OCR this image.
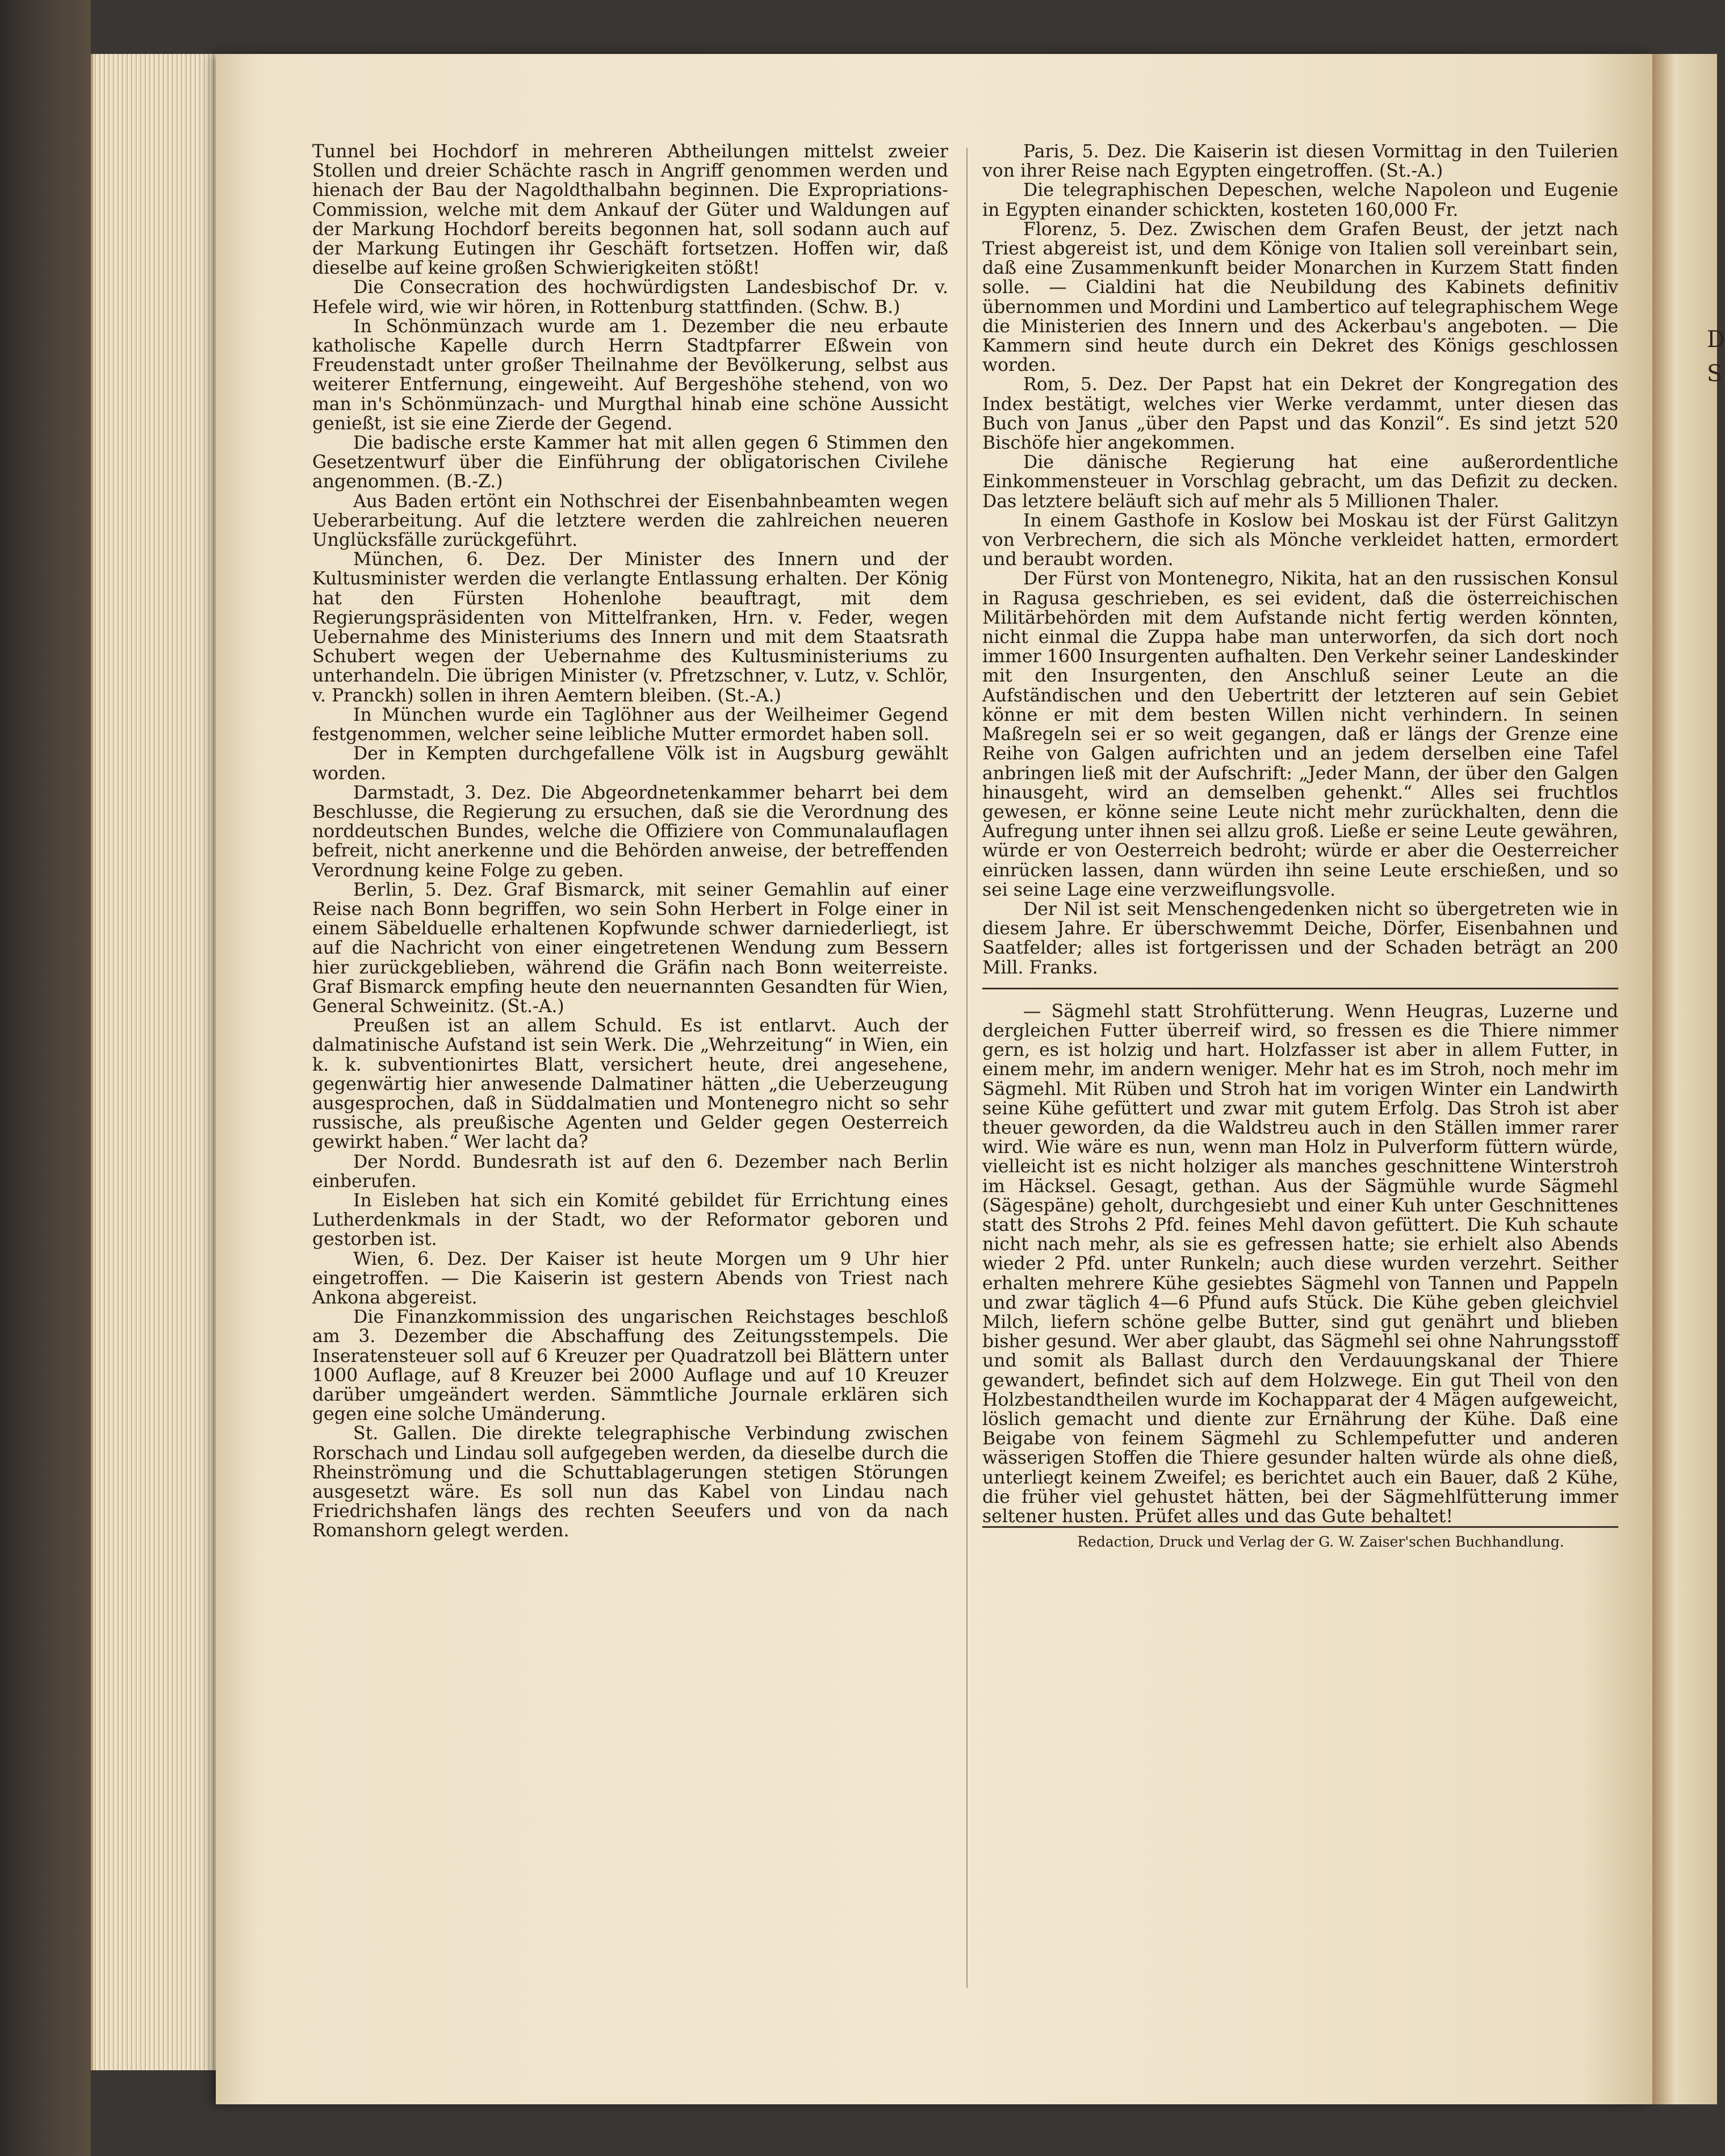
D
S

Tunnel bei Hochdorf in mehreren Abtheilungen mittelst zweier Stollen und dreier Schächte rasch in Angriff genommen werden und hienach der Bau der Nagoldthalbahn beginnen. Die Expropriations-Commission, welche mit dem Ankauf der Güter und Waldungen auf der Markung Hochdorf bereits begonnen hat, soll sodann auch auf der Markung Eutingen ihr Geschäft fortsetzen. Hoffen wir, daß dieselbe auf keine großen Schwierigkeiten stößt!

Die Consecration des hochwürdigsten Landesbischof Dr. v. Hefele wird, wie wir hören, in Rottenburg stattfinden. (Schw. B.)

In Schönmünzach wurde am 1. Dezember die neu erbaute katholische Kapelle durch Herrn Stadtpfarrer Eßwein von Freudenstadt unter großer Theilnahme der Bevölkerung, selbst aus weiterer Entfernung, eingeweiht. Auf Bergeshöhe stehend, von wo man in's Schönmünzach- und Murgthal hinab eine schöne Aussicht genießt, ist sie eine Zierde der Gegend.

Die badische erste Kammer hat mit allen gegen 6 Stimmen den Gesetzentwurf über die Einführung der obligatorischen Civilehe angenommen. (B.-Z.)

Aus Baden ertönt ein Nothschrei der Eisenbahnbeamten wegen Ueberarbeitung. Auf die letztere werden die zahlreichen neueren Unglücksfälle zurückgeführt.

München, 6. Dez. Der Minister des Innern und der Kultusminister werden die verlangte Entlassung erhalten. Der König hat den Fürsten Hohenlohe beauftragt, mit dem Regierungspräsidenten von Mittelfranken, Hrn. v. Feder, wegen Uebernahme des Ministeriums des Innern und mit dem Staatsrath Schubert wegen der Uebernahme des Kultusministeriums zu unterhandeln. Die übrigen Minister (v. Pfretzschner, v. Lutz, v. Schlör, v. Pranckh) sollen in ihren Aemtern bleiben. (St.-A.)

In München wurde ein Taglöhner aus der Weilheimer Gegend festgenommen, welcher seine leibliche Mutter ermordet haben soll.

Der in Kempten durchgefallene Völk ist in Augsburg gewählt worden.

Darmstadt, 3. Dez. Die Abgeordnetenkammer beharrt bei dem Beschlusse, die Regierung zu ersuchen, daß sie die Verordnung des norddeutschen Bundes, welche die Offiziere von Communalauflagen befreit, nicht anerkenne und die Behörden anweise, der betreffenden Verordnung keine Folge zu geben.

Berlin, 5. Dez. Graf Bismarck, mit seiner Gemahlin auf einer Reise nach Bonn begriffen, wo sein Sohn Herbert in Folge einer in einem Säbelduelle erhaltenen Kopfwunde schwer darniederliegt, ist auf die Nachricht von einer eingetretenen Wendung zum Bessern hier zurückgeblieben, während die Gräfin nach Bonn weiterreiste. Graf Bismarck empfing heute den neuernannten Gesandten für Wien, General Schweinitz. (St.-A.)

Preußen ist an allem Schuld. Es ist entlarvt. Auch der dalmatinische Aufstand ist sein Werk. Die „Wehrzeitung“ in Wien, ein k. k. subventionirtes Blatt, versichert heute, drei angesehene, gegenwärtig hier anwesende Dalmatiner hätten „die Ueberzeugung ausgesprochen, daß in Süddalmatien und Montenegro nicht so sehr russische, als preußische Agenten und Gelder gegen Oesterreich gewirkt haben.“ Wer lacht da?

Der Nordd. Bundesrath ist auf den 6. Dezember nach Berlin einberufen.

In Eisleben hat sich ein Komité gebildet für Errichtung eines Lutherdenkmals in der Stadt, wo der Reformator geboren und gestorben ist.

Wien, 6. Dez. Der Kaiser ist heute Morgen um 9 Uhr hier eingetroffen. — Die Kaiserin ist gestern Abends von Triest nach Ankona abgereist.

Die Finanzkommission des ungarischen Reichstages beschloß am 3. Dezember die Abschaffung des Zeitungsstempels. Die Inseratensteuer soll auf 6 Kreuzer per Quadratzoll bei Blättern unter 1000 Auflage, auf 8 Kreuzer bei 2000 Auflage und auf 10 Kreuzer darüber umgeändert werden. Sämmtliche Journale erklären sich gegen eine solche Umänderung.

St. Gallen. Die direkte telegraphische Verbindung zwischen Rorschach und Lindau soll aufgegeben werden, da dieselbe durch die Rheinströmung und die Schuttablagerungen stetigen Störungen ausgesetzt wäre. Es soll nun das Kabel von Lindau nach Friedrichshafen längs des rechten Seeufers und von da nach Romanshorn gelegt werden.

Paris, 5. Dez. Die Kaiserin ist diesen Vormittag in den Tuilerien von ihrer Reise nach Egypten eingetroffen. (St.-A.)

Die telegraphischen Depeschen, welche Napoleon und Eugenie in Egypten einander schickten, kosteten 160,000 Fr.

Florenz, 5. Dez. Zwischen dem Grafen Beust, der jetzt nach Triest abgereist ist, und dem Könige von Italien soll vereinbart sein, daß eine Zusammenkunft beider Monarchen in Kurzem Statt finden solle. — Cialdini hat die Neubildung des Kabinets definitiv übernommen und Mordini und Lambertico auf telegraphischem Wege die Ministerien des Innern und des Ackerbau's angeboten. — Die Kammern sind heute durch ein Dekret des Königs geschlossen worden.

Rom, 5. Dez. Der Papst hat ein Dekret der Kongregation des Index bestätigt, welches vier Werke verdammt, unter diesen das Buch von Janus „über den Papst und das Konzil“. Es sind jetzt 520 Bischöfe hier angekommen.

Die dänische Regierung hat eine außerordentliche Einkommensteuer in Vorschlag gebracht, um das Defizit zu decken. Das letztere beläuft sich auf mehr als 5 Millionen Thaler.

In einem Gasthofe in Koslow bei Moskau ist der Fürst Galitzyn von Verbrechern, die sich als Mönche verkleidet hatten, ermordert und beraubt worden.

Der Fürst von Montenegro, Nikita, hat an den russischen Konsul in Ragusa geschrieben, es sei evident, daß die österreichischen Militärbehörden mit dem Aufstande nicht fertig werden könnten, nicht einmal die Zuppa habe man unterworfen, da sich dort noch immer 1600 Insurgenten aufhalten. Den Verkehr seiner Landeskinder mit den Insurgenten, den Anschluß seiner Leute an die Aufständischen und den Uebertritt der letzteren auf sein Gebiet könne er mit dem besten Willen nicht verhindern. In seinen Maßregeln sei er so weit gegangen, daß er längs der Grenze eine Reihe von Galgen aufrichten und an jedem derselben eine Tafel anbringen ließ mit der Aufschrift: „Jeder Mann, der über den Galgen hinausgeht, wird an demselben gehenkt.“ Alles sei fruchtlos gewesen, er könne seine Leute nicht mehr zurückhalten, denn die Aufregung unter ihnen sei allzu groß. Ließe er seine Leute gewähren, würde er von Oesterreich bedroht; würde er aber die Oesterreicher einrücken lassen, dann würden ihn seine Leute erschießen, und so sei seine Lage eine verzweiflungsvolle.

Der Nil ist seit Menschengedenken nicht so übergetreten wie in diesem Jahre. Er überschwemmt Deiche, Dörfer, Eisenbahnen und Saatfelder; alles ist fortgerissen und der Schaden beträgt an 200 Mill. Franks.

— Sägmehl statt Strohfütterung. Wenn Heugras, Luzerne und dergleichen Futter überreif wird, so fressen es die Thiere nimmer gern, es ist holzig und hart. Holzfasser ist aber in allem Futter, in einem mehr, im andern weniger. Mehr hat es im Stroh, noch mehr im Sägmehl. Mit Rüben und Stroh hat im vorigen Winter ein Landwirth seine Kühe gefüttert und zwar mit gutem Erfolg. Das Stroh ist aber theuer geworden, da die Waldstreu auch in den Ställen immer rarer wird. Wie wäre es nun, wenn man Holz in Pulverform füttern würde, vielleicht ist es nicht holziger als manches geschnittene Winterstroh im Häcksel. Gesagt, gethan. Aus der Sägmühle wurde Sägmehl (Sägespäne) geholt, durchgesiebt und einer Kuh unter Geschnittenes statt des Strohs 2 Pfd. feines Mehl davon gefüttert. Die Kuh schaute nicht nach mehr, als sie es gefressen hatte; sie erhielt also Abends wieder 2 Pfd. unter Runkeln; auch diese wurden verzehrt. Seither erhalten mehrere Kühe gesiebtes Sägmehl von Tannen und Pappeln und zwar täglich 4—6 Pfund aufs Stück. Die Kühe geben gleichviel Milch, liefern schöne gelbe Butter, sind gut genährt und blieben bisher gesund. Wer aber glaubt, das Sägmehl sei ohne Nahrungsstoff und somit als Ballast durch den Verdauungskanal der Thiere gewandert, befindet sich auf dem Holzwege. Ein gut Theil von den Holzbestandtheilen wurde im Kochapparat der 4 Mägen aufgeweicht, löslich gemacht und diente zur Ernährung der Kühe. Daß eine Beigabe von feinem Sägmehl zu Schlempefutter und anderen wässerigen Stoffen die Thiere gesunder halten würde als ohne dieß, unterliegt keinem Zweifel; es berichtet auch ein Bauer, daß 2 Kühe, die früher viel gehustet hätten, bei der Sägmehlfütterung immer seltener husten. Prüfet alles und das Gute behaltet!

Redaction, Druck und Verlag der G. W. Zaiser'schen Buchhandlung.
